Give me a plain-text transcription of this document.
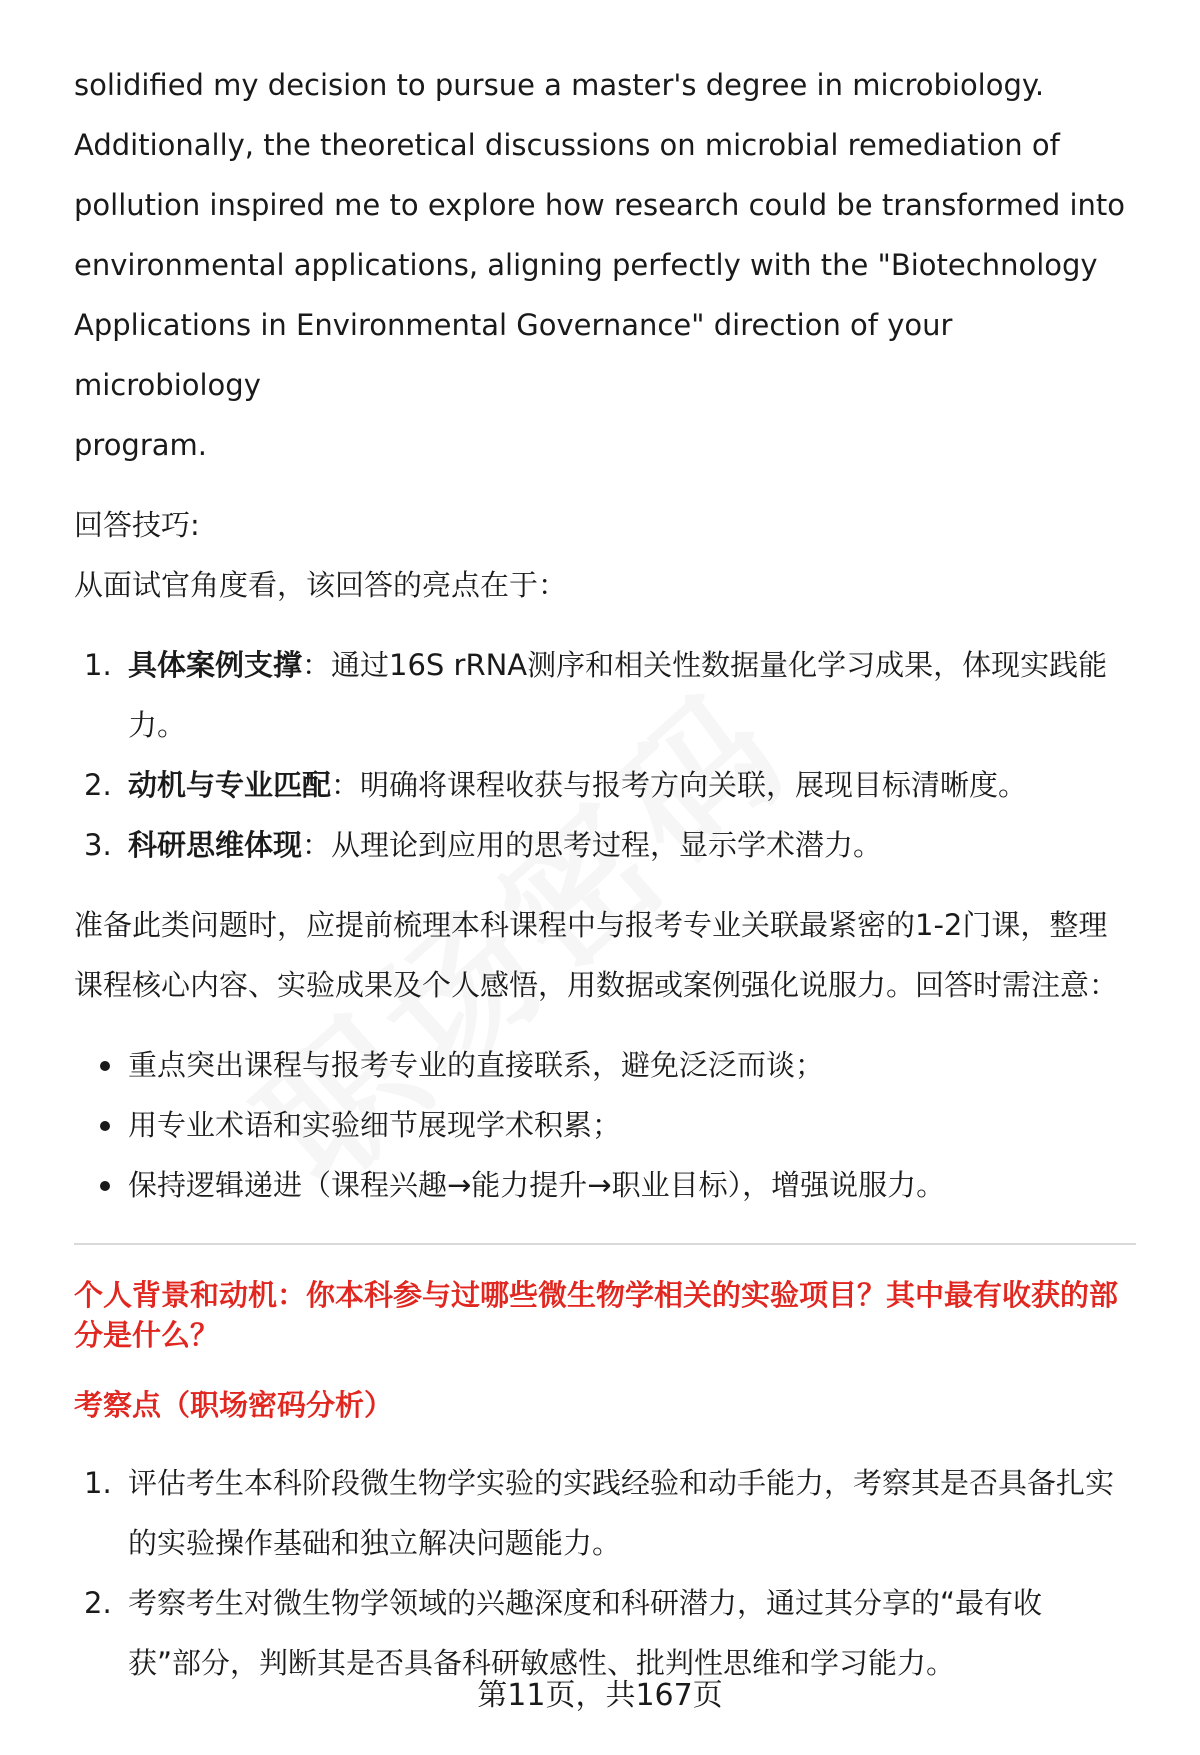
solidified my decision to pursue a master's degree in microbiology.

Additionally, the theoretical discussions on microbial remediation of

pollution inspired me to explore how research could be transformed into

environmental applications, aligning perfectly with the "Biotechnology

Applications in Environmental Governance" direction of your microbiology

program.

回答技巧:

从面试官角度看，该回答的亮点在于：

1. 具体案例支撑：通过16S rRNA测序和相关性数据量化学习成果，体现实践能
力。
2. 动机与专业匹配：明确将课程收获与报考方向关联，展现目标清晰度。
3. 科研思维体现：从理论到应用的思考过程，显示学术潜力。

准备此类问题时，应提前梳理本科课程中与报考专业关联最紧密的1-2门课，整理

课程核心内容、实验成果及个人感悟，用数据或案例强化说服力。回答时需注意：

重点突出课程与报考专业的直接联系，避免泛泛而谈；
用专业术语和实验细节展现学术积累；
保持逻辑递进（课程兴趣→能力提升→职业目标），增强说服力。

个人背景和动机：你本科参与过哪些微生物学相关的实验项目？其中最有收获的部

分是什么？

考察点（职场密码分析）

1. 评估考生本科阶段微生物学实验的实践经验和动手能力，考察其是否具备扎实
的实验操作基础和独立解决问题能力。
2. 考察考生对微生物学领域的兴趣深度和科研潜力，通过其分享的“最有收
获”部分，判断其是否具备科研敏感性、批判性思维和学习能力。
第11页，共167页
